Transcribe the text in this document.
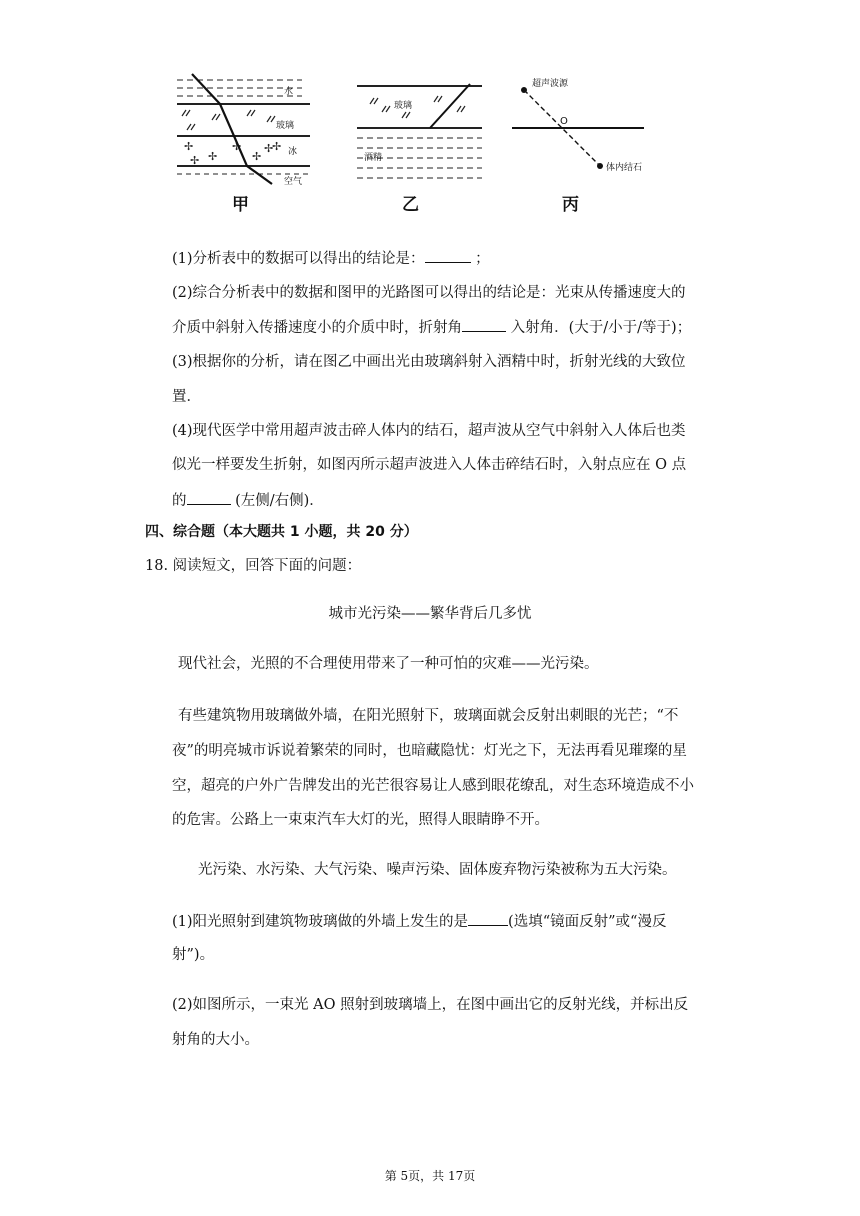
✢
✢
✢
✢
✢
✢
✢
水
玻璃
冰
空气
甲
玻璃
酒精
乙
超声波源
O
体内结石
丙
(1)分析表中的数据可以得出的结论是：	；
(2)综合分析表中的数据和图甲的光路图可以得出的结论是：光束从传播速度大的
介质中斜射入传播速度小的介质中时，折射角	入射角．(大于/小于/等于)；
(3)根据你的分析，请在图乙中画出光由玻璃斜射入酒精中时，折射光线的大致位
置．
(4)现代医学中常用超声波击碎人体内的结石，超声波从空气中斜射入人体后也类
似光一样要发生折射，如图丙所示超声波进入人体击碎结石时，入射点应在 O 点
的	(左侧/右侧)．
四、综合题（本大题共 1 小题，共 20 分）
18. 阅读短文，回答下面的问题：
城市光污染——繁华背后几多忧
现代社会，光照的不合理使用带来了一种可怕的灾难——光污染。
有些建筑物用玻璃做外墙，在阳光照射下，玻璃面就会反射出刺眼的光芒；“不
夜”的明亮城市诉说着繁荣的同时，也暗藏隐忧：灯光之下，无法再看见璀璨的星
空，超亮的户外广告牌发出的光芒很容易让人感到眼花缭乱，对生态环境造成不小
的危害。公路上一束束汽车大灯的光，照得人眼睛睁不开。
光污染、水污染、大气污染、噪声污染、固体废弃物污染被称为五大污染。
(1)阳光照射到建筑物玻璃做的外墙上发生的是	(选填“镜面反射”或“漫反
射”)。
(2)如图所示，一束光 AO 照射到玻璃墙上，在图中画出它的反射光线，并标出反
射角的大小。
第 5页，共 17页
